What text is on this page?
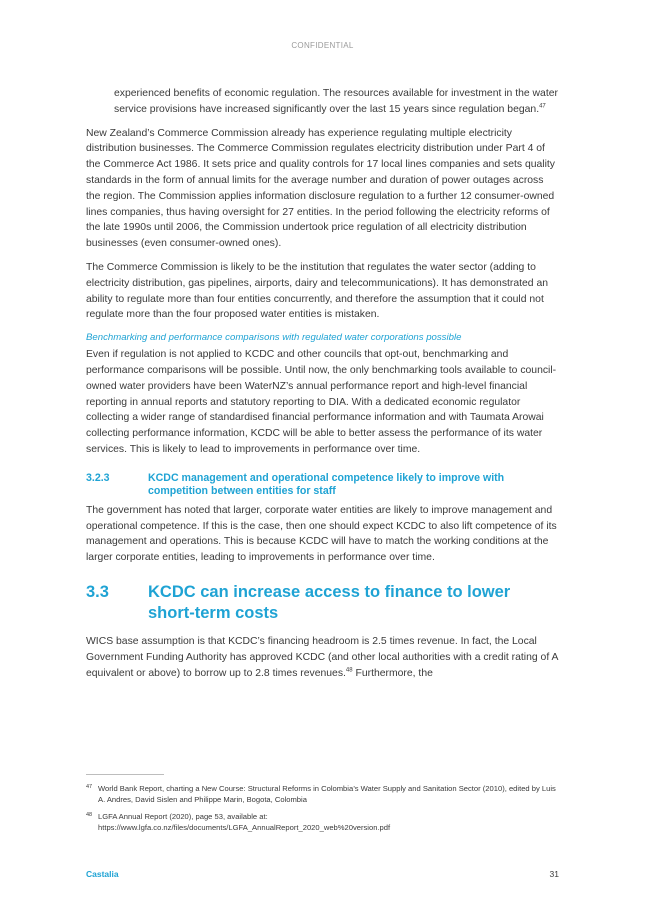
CONFIDENTIAL

experienced benefits of economic regulation. The resources available for investment in the water service provisions have increased significantly over the last 15 years since regulation began.$^{47}$

New Zealand’s Commerce Commission already has experience regulating multiple electricity distribution businesses. The Commerce Commission regulates electricity distribution under Part 4 of the Commerce Act 1986. It sets price and quality controls for 17 local lines companies and sets quality standards in the form of annual limits for the average number and duration of power outages across the region. The Commission applies information disclosure regulation to a further 12 consumer-owned lines companies, thus having oversight for 27 entities. In the period following the electricity reforms of the late 1990s until 2006, the Commission undertook price regulation of all electricity distribution businesses (even consumer-owned ones).

The Commerce Commission is likely to be the institution that regulates the water sector (adding to electricity distribution, gas pipelines, airports, dairy and telecommunications). It has demonstrated an ability to regulate more than four entities concurrently, and therefore the assumption that it could not regulate more than the four proposed water entities is mistaken.

Benchmarking and performance comparisons with regulated water corporations possible

Even if regulation is not applied to KCDC and other councils that opt-out, benchmarking and performance comparisons will be possible. Until now, the only benchmarking tools available to council-owned water providers have been WaterNZ’s annual performance report and high-level financial reporting in annual reports and statutory reporting to DIA. With a dedicated economic regulator collecting a wider range of standardised financial performance information and with Taumata Arowai collecting performance information, KCDC will be able to better assess the performance of its water services. This is likely to lead to improvements in performance over time.

3.2.3	KCDC management and operational competence likely to improve with competition between entities for staff

The government has noted that larger, corporate water entities are likely to improve management and operational competence. If this is the case, then one should expect KCDC to also lift competence of its management and operations. This is because KCDC will have to match the working conditions at the larger corporate entities, leading to improvements in performance over time.

3.3	KCDC can increase access to finance to lower short-term costs

WICS base assumption is that KCDC’s financing headroom is 2.5 times revenue. In fact, the Local Government Funding Authority has approved KCDC (and other local authorities with a credit rating of A equivalent or above) to borrow up to 2.8 times revenues.$^{48}$ Furthermore, the

47 World Bank Report, charting a New Course: Structural Reforms in Colombia’s Water Supply and Sanitation Sector (2010), edited by Luis A. Andres, David Sislen and Philippe Marin, Bogota, Colombia
48 LGFA Annual Report (2020), page 53, available at:
https://www.lgfa.co.nz/files/documents/LGFA_AnnualReport_2020_web%20version.pdf
Castalia	31
